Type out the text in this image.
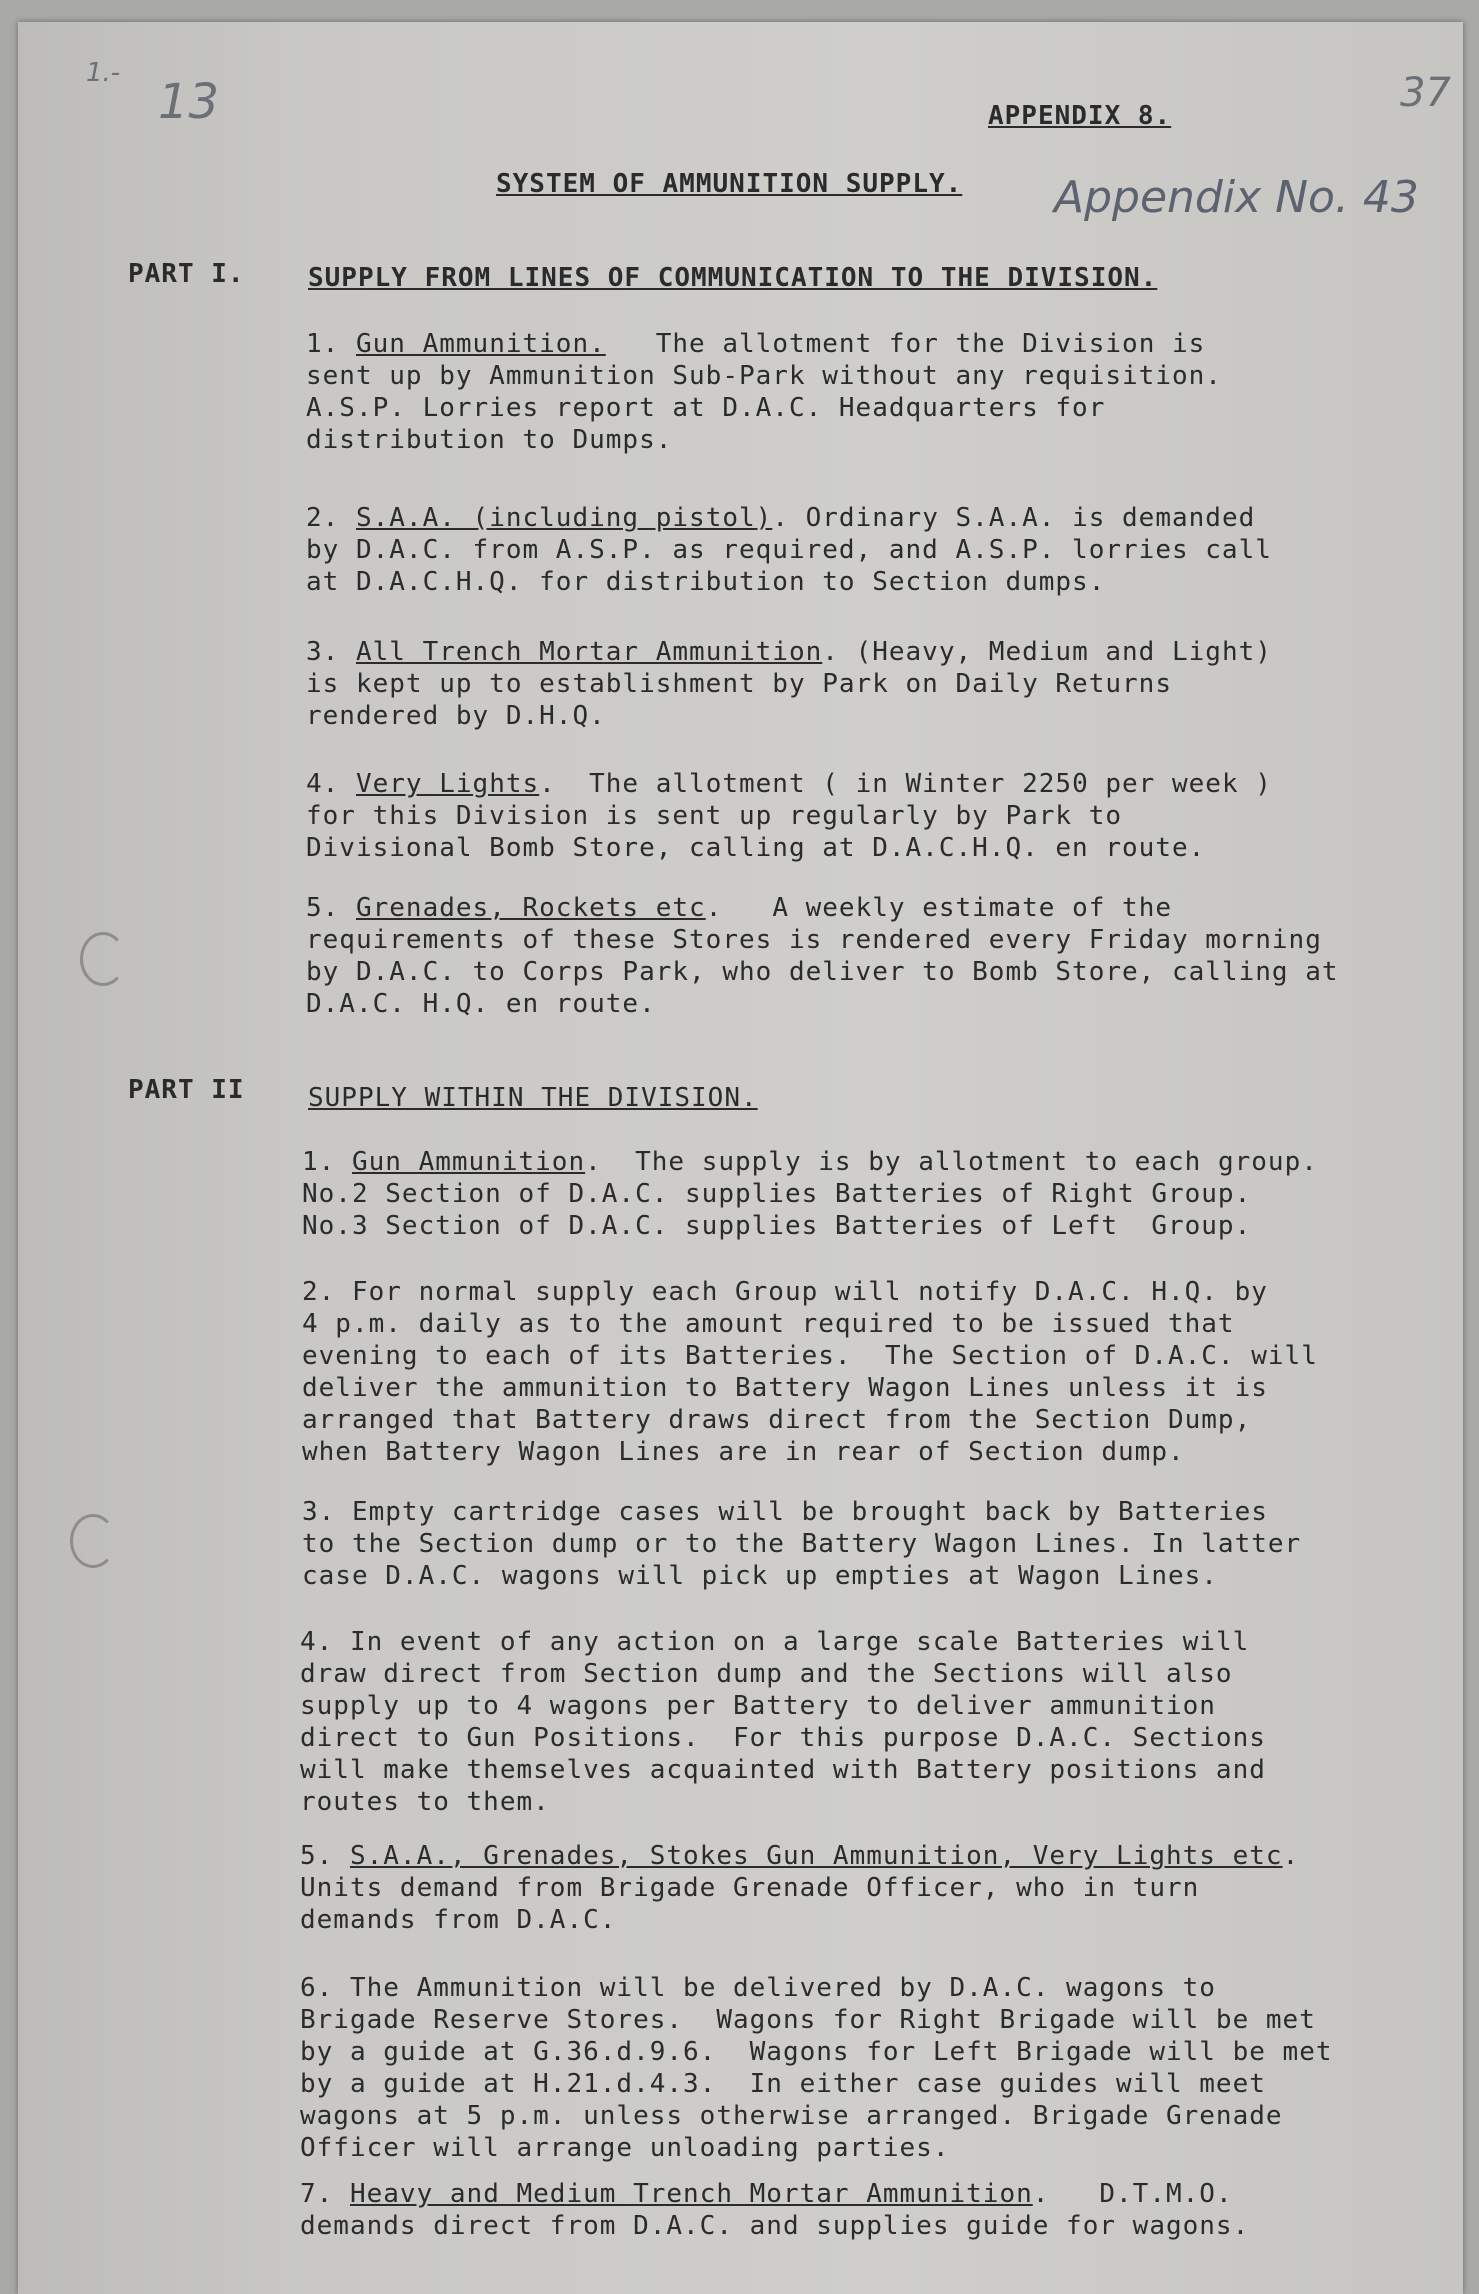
1.-
13	37

APPENDIX 8.

SYSTEM OF AMMUNITION SUPPLY. Appendix No. 43

PART I. SUPPLY FROM LINES OF COMMUNICATION TO THE DIVISION.

1. Gun Ammunition. The allotment for the Division is
sent up by Ammunition Sub-Park without any requisition.
A.S.P. Lorries report at D.A.C. Headquarters for
distribution to Dumps.

2. S.A.A. (including pistol). Ordinary S.A.A. is demanded
by D.A.C. from A.S.P. as required, and A.S.P. lorries call
at D.A.C.H.Q. for distribution to Section dumps.

3. All Trench Mortar Ammunition. (Heavy, Medium and Light)
is kept up to establishment by Park on Daily Returns
rendered by D.H.Q.

4. Very Lights.  The allotment ( in Winter 2250 per week )
for this Division is sent up regularly by Park to
Divisional Bomb Store, calling at D.A.C.H.Q. en route.

5. Grenades, Rockets etc.   A weekly estimate of the
requirements of these Stores is rendered every Friday morning
by D.A.C. to Corps Park, who deliver to Bomb Store, calling at
D.A.C. H.Q. en route.

PART II SUPPLY WITHIN THE DIVISION.

1. Gun Ammunition.  The supply is by allotment to each group.
No.2 Section of D.A.C. supplies Batteries of Right Group.
No.3 Section of D.A.C. supplies Batteries of Left  Group.

2. For normal supply each Group will notify D.A.C. H.Q. by
4 p.m. daily as to the amount required to be issued that
evening to each of its Batteries.  The Section of D.A.C. will
deliver the ammunition to Battery Wagon Lines unless it is
arranged that Battery draws direct from the Section Dump,
when Battery Wagon Lines are in rear of Section dump.

3. Empty cartridge cases will be brought back by Batteries
to the Section dump or to the Battery Wagon Lines. In latter
case D.A.C. wagons will pick up empties at Wagon Lines.

4. In event of any action on a large scale Batteries will
draw direct from Section dump and the Sections will also
supply up to 4 wagons per Battery to deliver ammunition
direct to Gun Positions.  For this purpose D.A.C. Sections
will make themselves acquainted with Battery positions and
routes to them.

5. S.A.A., Grenades, Stokes Gun Ammunition, Very Lights etc.
Units demand from Brigade Grenade Officer, who in turn
demands from D.A.C.

6. The Ammunition will be delivered by D.A.C. wagons to
Brigade Reserve Stores.  Wagons for Right Brigade will be met
by a guide at G.36.d.9.6.  Wagons for Left Brigade will be met
by a guide at H.21.d.4.3.  In either case guides will meet
wagons at 5 p.m. unless otherwise arranged. Brigade Grenade
Officer will arrange unloading parties.

7. Heavy and Medium Trench Mortar Ammunition.   D.T.M.O.
demands direct from D.A.C. and supplies guide for wagons.
